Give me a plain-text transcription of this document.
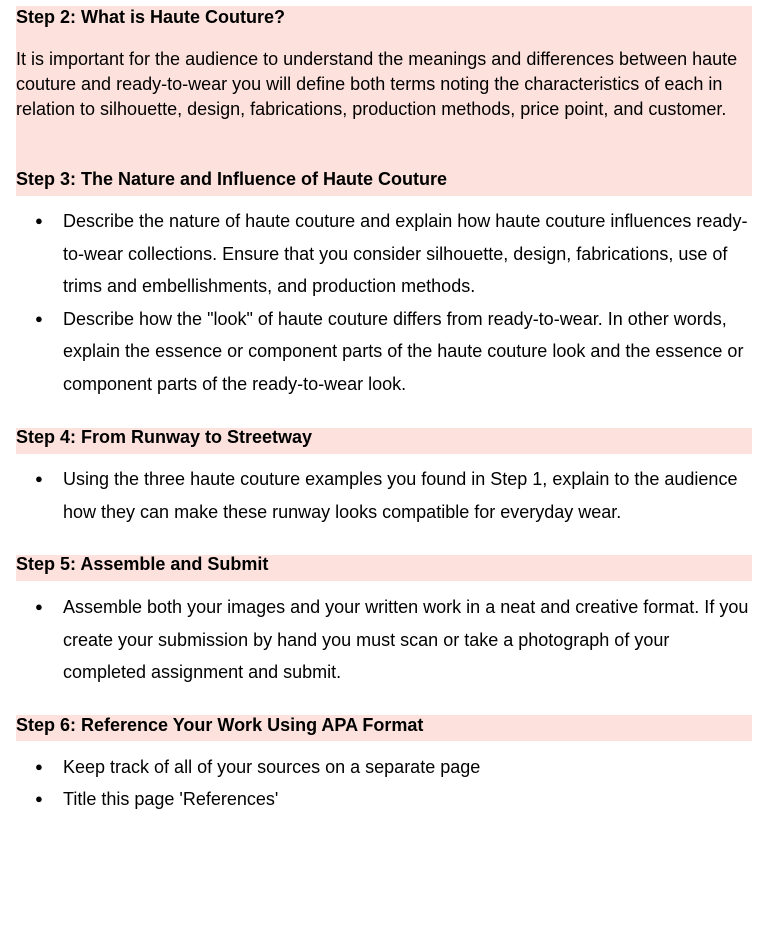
Step 2: What is Haute Couture?
It is important for the audience to understand the meanings and differences between haute couture and ready-to-wear you will define both terms noting the characteristics of each in relation to silhouette, design, fabrications, production methods, price point, and customer.
Step 3: The Nature and Influence of Haute Couture
● Describe the nature of haute couture and explain how haute couture influences ready-to-wear collections. Ensure that you consider silhouette, design, fabrications, use of trims and embellishments, and production methods.
● Describe how the "look" of haute couture differs from ready-to-wear. In other words, explain the essence or component parts of the haute couture look and the essence or component parts of the ready-to-wear look.
Step 4: From Runway to Streetway
● Using the three haute couture examples you found in Step 1, explain to the audience how they can make these runway looks compatible for everyday wear.
Step 5: Assemble and Submit
● Assemble both your images and your written work in a neat and creative format. If you create your submission by hand you must scan or take a photograph of your completed assignment and submit.
Step 6: Reference Your Work Using APA Format
● Keep track of all of your sources on a separate page
● Title this page 'References'
